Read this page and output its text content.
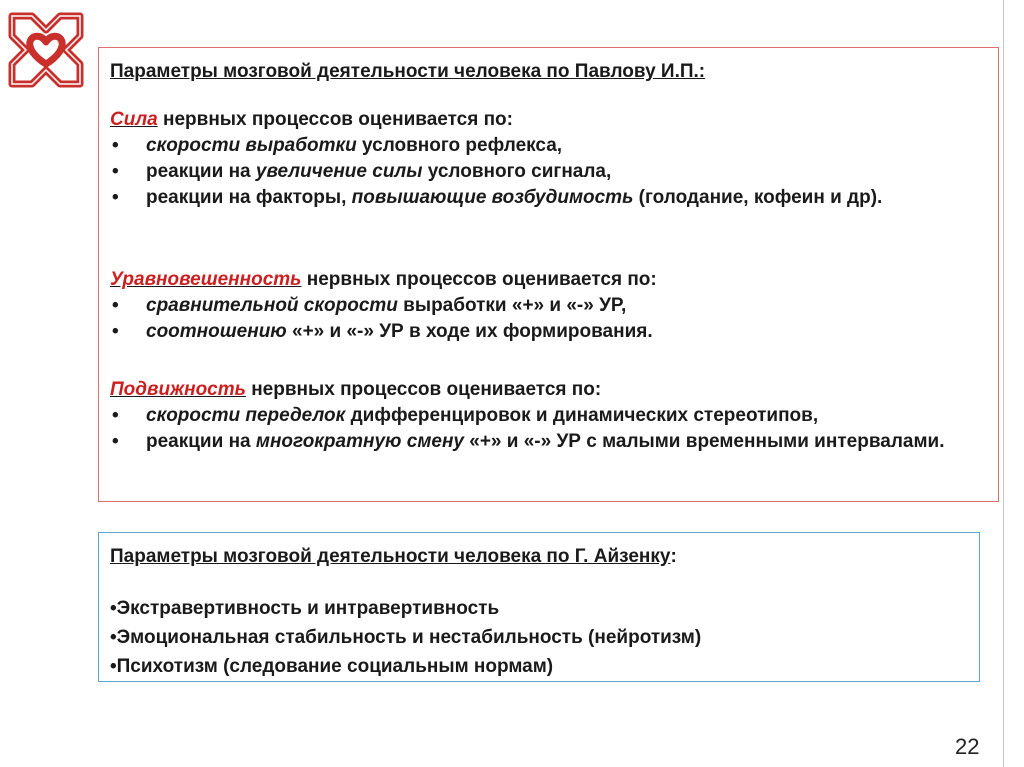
Параметры мозговой деятельности человека по Павлову И.П.:

Сила нервных процессов оценивается по:

• скорости выработки условного рефлекса,
• реакции на увеличение силы условного сигнала,
• реакции на факторы, повышающие возбудимость (голодание, кофеин и др).

Уравновешенность нервных процессов оценивается по:

• сравнительной скорости выработки «+» и «-» УР,
• соотношению «+» и «-» УР в ходе их формирования.

Подвижность нервных процессов оценивается по:

• скорости переделок дифференцировок и динамических стереотипов,
• реакции на многократную смену «+» и «-» УР с малыми временными интервалами.
Параметры мозговой деятельности человека по Г. Айзенку:
•Экстравертивность и интравертивность
•Эмоциональная стабильность и нестабильность (нейротизм)
•Психотизм (следование социальным нормам)
22
